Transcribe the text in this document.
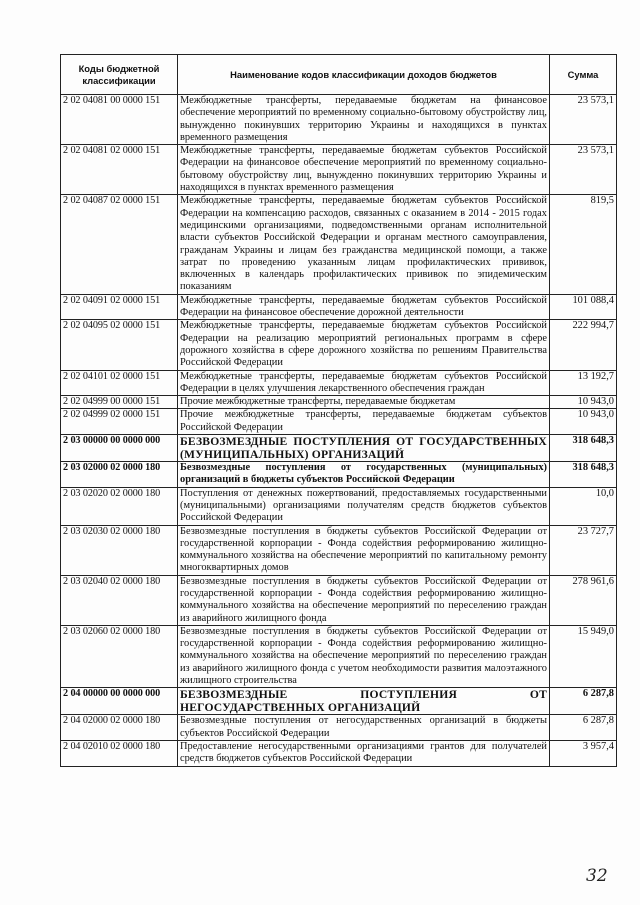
Коды бюджетной классификации	Наименование кодов классификации доходов бюджетов	Сумма
2 02 04081 00 0000 151	Межбюджетные трансферты, передаваемые бюджетам на финансовое обеспечение мероприятий по временному социально-бытовому обустройству лиц, вынужденно покинувших территорию Украины и находящихся в пунктах временного размещения	23 573,1
2 02 04081 02 0000 151	Межбюджетные трансферты, передаваемые бюджетам субъектов Российской Федерации на финансовое обеспечение мероприятий по временному социально-бытовому обустройству лиц, вынужденно покинувших территорию Украины и находящихся в пунктах временного размещения	23 573,1
2 02 04087 02 0000 151	Межбюджетные трансферты, передаваемые бюджетам субъектов Российской Федерации на компенсацию расходов, связанных с оказанием в 2014 - 2015 годах медицинскими организациями, подведомственными органам исполнительной власти субъектов Российской Федерации и органам местного самоуправления, гражданам Украины и лицам без гражданства медицинской помощи, а также затрат по проведению указанным лицам профилактических прививок, включенных в календарь профилактических прививок по эпидемическим показаниям	819,5
2 02 04091 02 0000 151	Межбюджетные трансферты, передаваемые бюджетам субъектов Российской Федерации на финансовое обеспечение дорожной деятельности	101 088,4
2 02 04095 02 0000 151	Межбюджетные трансферты, передаваемые бюджетам субъектов Российской Федерации на реализацию мероприятий региональных программ в сфере дорожного хозяйства в сфере дорожного хозяйства по решениям Правительства Российской Федерации	222 994,7
2 02 04101 02 0000 151	Межбюджетные трансферты, передаваемые бюджетам субъектов Российской Федерации в целях улучшения лекарственного обеспечения граждан	13 192,7
2 02 04999 00 0000 151	Прочие межбюджетные трансферты, передаваемые бюджетам	10 943,0
2 02 04999 02 0000 151	Прочие межбюджетные трансферты, передаваемые бюджетам субъектов Российской Федерации	10 943,0
2 03 00000 00 0000 000	БЕЗВОЗМЕЗДНЫЕ ПОСТУПЛЕНИЯ ОТ ГОСУДАРСТВЕННЫХ (МУНИЦИПАЛЬНЫХ) ОРГАНИЗАЦИЙ	318 648,3
2 03 02000 02 0000 180	Безвозмездные поступления от государственных (муниципальных) организаций в бюджеты субъектов Российской Федерации	318 648,3
2 03 02020 02 0000 180	Поступления от денежных пожертвований, предоставляемых государственными (муниципальными) организациями получателям средств бюджетов субъектов Российской Федерации	10,0
2 03 02030 02 0000 180	Безвозмездные поступления в бюджеты субъектов Российской Федерации от государственной корпорации - Фонда содействия реформированию жилищно-коммунального хозяйства на обеспечение мероприятий по капитальному ремонту многоквартирных домов	23 727,7
2 03 02040 02 0000 180	Безвозмездные поступления в бюджеты субъектов Российской Федерации от государственной корпорации - Фонда содействия реформированию жилищно-коммунального хозяйства на обеспечение мероприятий по переселению граждан из аварийного жилищного фонда	278 961,6
2 03 02060 02 0000 180	Безвозмездные поступления в бюджеты субъектов Российской Федерации от государственной корпорации - Фонда содействия реформированию жилищно-коммунального хозяйства на обеспечение мероприятий по переселению граждан из аварийного жилищного фонда с учетом необходимости развития малоэтажного жилищного строительства	15 949,0
2 04 00000 00 0000 000	БЕЗВОЗМЕЗДНЫЕ ПОСТУПЛЕНИЯ ОТ НЕГОСУДАРСТВЕННЫХ ОРГАНИЗАЦИЙ	6 287,8
2 04 02000 02 0000 180	Безвозмездные поступления от негосударственных организаций в бюджеты субъектов Российской Федерации	6 287,8
2 04 02010 02 0000 180	Предоставление негосударственными организациями грантов для получателей средств бюджетов субъектов Российской Федерации	3 957,4
32
